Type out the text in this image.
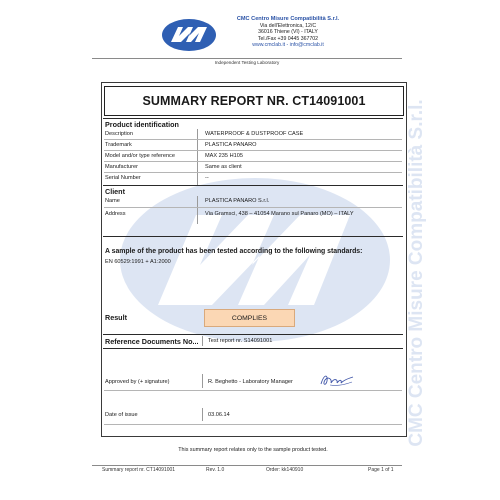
CMC Centro Misure Compatibilità S.r.l.
Via dell'Elettronica, 12/C
36016 Thiene (VI) - ITALY
Tel./Fax +39 0445 367702
www.cmclab.it - info@cmclab.it
Independent Testing Laboratory
CMC Centro Misure Compatibilità S.r.l.
SUMMARY REPORT NR. CT14091001
Product identification
Description	WATERPROOF & DUSTPROOF CASE
Trademark	PLASTICA PANARO
Model and/or type reference	MAX 235 H105
Manufacturer	Same as client
Serial Number	--
Client
Name	PLASTICA PANARO S.r.l.
Address	Via Gramsci, 438 – 41054 Marano sul Panaro (MO) – ITALY
A sample of the product has been tested according to the following standards:
EN 60529:1991 + A1:2000
Result	COMPLIES
Reference Documents No... Test report nr. S14091001
Approved by (+ signature)	R. Beghetto - Laboratory Manager
Date of issue	03.06.14
This summary report relates only to the sample product tested.
Summary report nr. CT14091001	Rev. 1.0	Order: kk140910	Page 1 of 1
